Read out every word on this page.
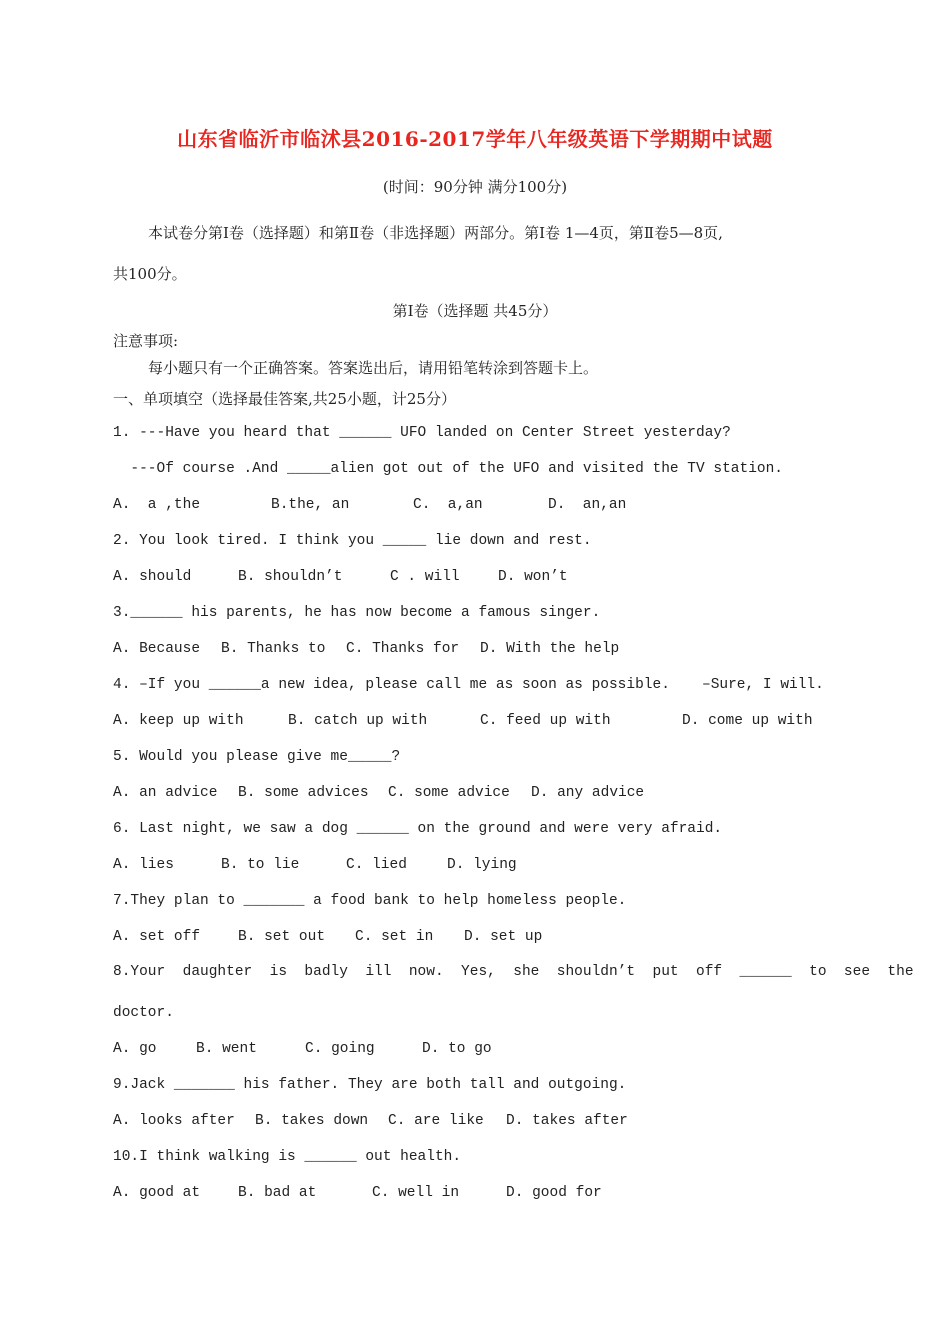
山东省临沂市临沭县2016-2017学年八年级英语下学期期中试题
(时间：90分钟 满分100分)
本试卷分第Ⅰ卷（选择题）和第Ⅱ卷（非选择题）两部分。第Ⅰ卷 1—4页，第Ⅱ卷5—8页,
共100分。
第Ⅰ卷（选择题 共45分）
注意事项:
每小题只有一个正确答案。答案选出后，请用铅笔转涂到答题卡上。
一、单项填空（选择最佳答案,共25小题，计25分）
1. ---Have you heard that ______ UFO landed on Center Street yesterday?
---Of course .And _____alien got out of the UFO and visited the TV station.
A.  a ,the	B.the, an	C.  a,an	D.  an,an
2. You look tired. I think you _____ lie down and rest.
A. should	B. shouldn’t	C . will	D. won’t
3.______ his parents, he has now become a famous singer.
A. Because B. Thanks to C. Thanks for D. With the help
4. –If you ______a new idea, please call me as soon as possible. –Sure, I will.
A. keep up with	B. catch up with	C. feed up with	D. come up with
5. Would you please give me_____?
A. an advice B. some advices C. some advice D. any advice
6. Last night, we saw a dog ______ on the ground and were very afraid.
A. lies	B. to lie	C. lied	D. lying
7.They plan to _______ a food bank to help homeless people.
A. set off	B. set out C. set in D. set up
8.Your  daughter  is  badly  ill  now.  Yes,  she  shouldn’t  put  off  ______  to  see  the
doctor.
A. go	B. went	C. going	D. to go
9.Jack _______ his father. They are both tall and outgoing.
A. looks after B. takes down C. are like D. takes after
10.I think walking is ______ out health.
A. good at	B. bad at	C. well in	D. good for
